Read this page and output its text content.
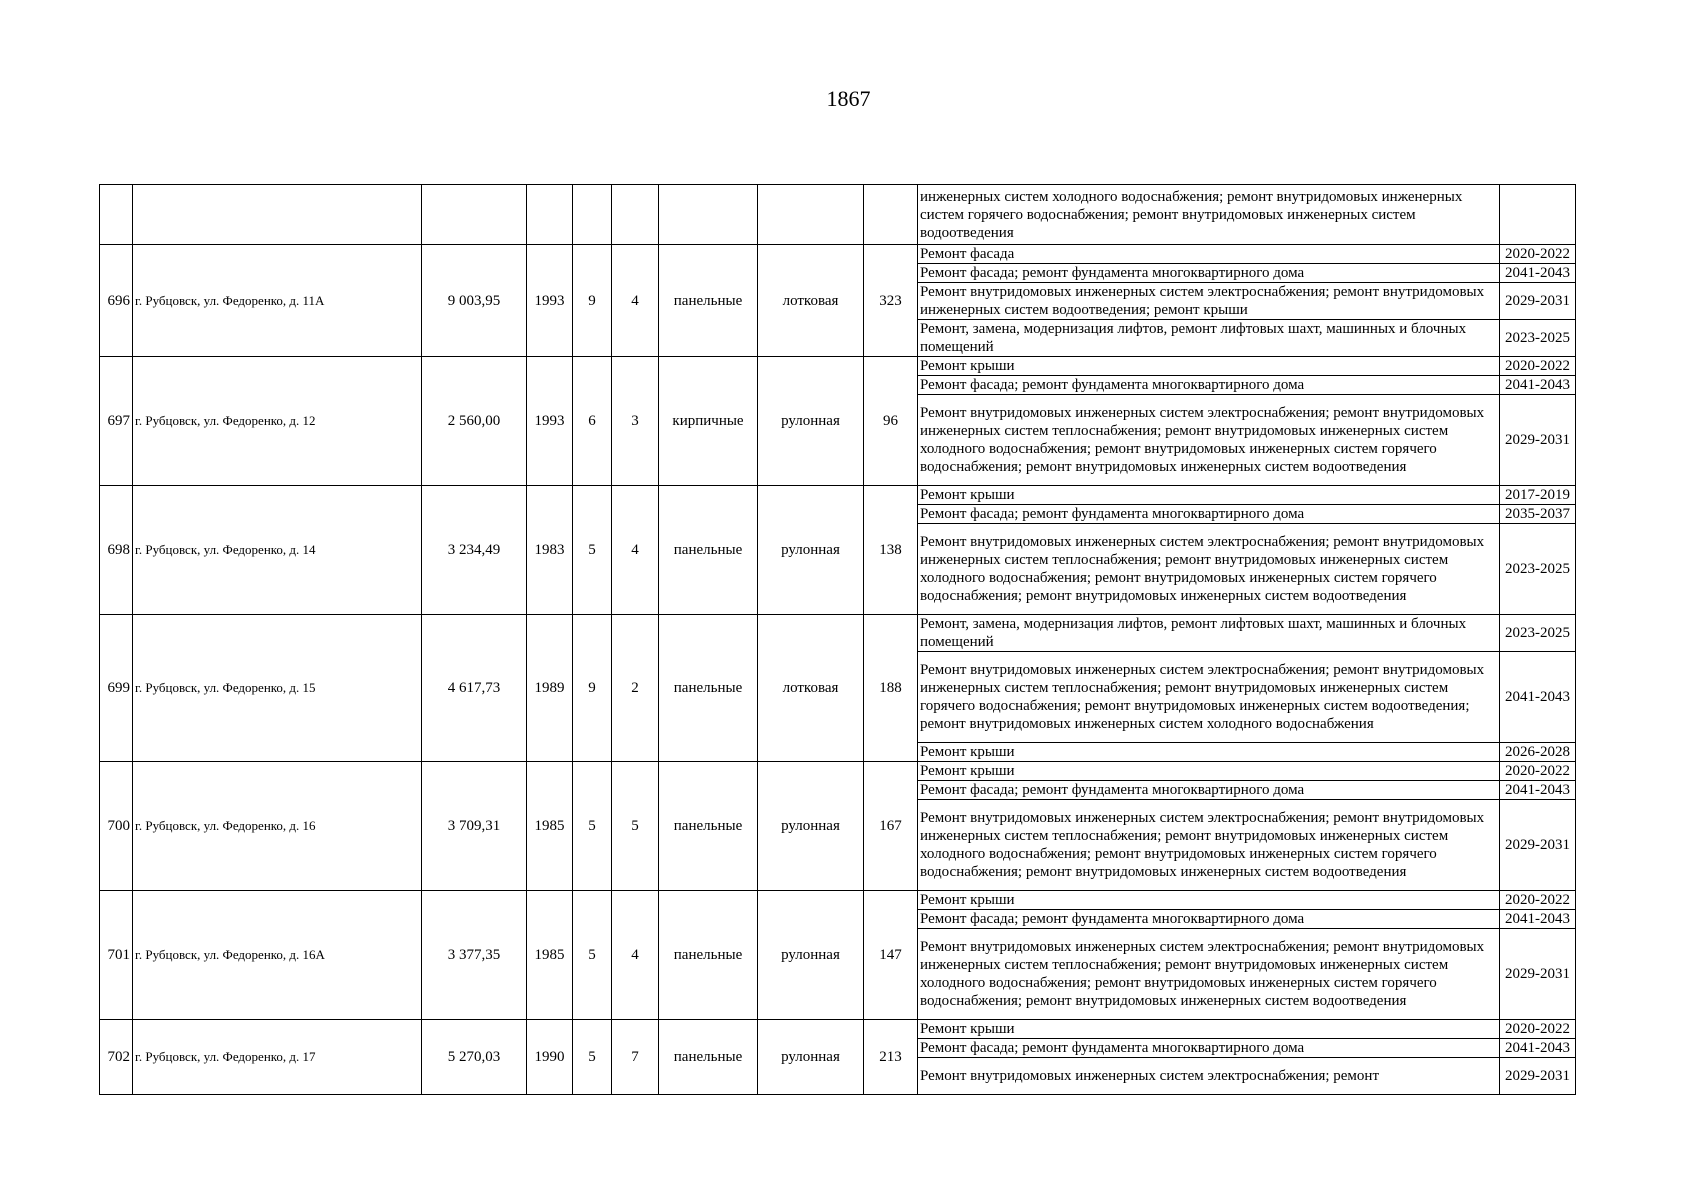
1867
									инженерных систем холодного водоснабжения; ремонт внутридомовых инженерных систем горячего водоснабжения; ремонт внутридомовых инженерных систем водоотведения	
696	г. Рубцовск, ул. Федоренко, д. 11А	9 003,95	1993	9	4	панельные	лотковая	323	Ремонт фасада	2020-2022
									Ремонт фасада; ремонт фундамента многоквартирного дома	2041-2043
									Ремонт внутридомовых инженерных систем электроснабжения; ремонт внутридомовых инженерных систем водоотведения; ремонт крыши	2029-2031
									Ремонт, замена, модернизация лифтов, ремонт лифтовых шахт, машинных и блочных помещений	2023-2025
697	г. Рубцовск, ул. Федоренко, д. 12	2 560,00	1993	6	3	кирпичные	рулонная	96	Ремонт крыши	2020-2022
									Ремонт фасада; ремонт фундамента многоквартирного дома	2041-2043
									Ремонт внутридомовых инженерных систем электроснабжения; ремонт внутридомовых инженерных систем теплоснабжения; ремонт внутридомовых инженерных систем холодного водоснабжения; ремонт внутридомовых инженерных систем горячего водоснабжения; ремонт внутридомовых инженерных систем водоотведения	2029-2031
698	г. Рубцовск, ул. Федоренко, д. 14	3 234,49	1983	5	4	панельные	рулонная	138	Ремонт крыши	2017-2019
									Ремонт фасада; ремонт фундамента многоквартирного дома	2035-2037
									Ремонт внутридомовых инженерных систем электроснабжения; ремонт внутридомовых инженерных систем теплоснабжения; ремонт внутридомовых инженерных систем холодного водоснабжения; ремонт внутридомовых инженерных систем горячего водоснабжения; ремонт внутридомовых инженерных систем водоотведения	2023-2025
699	г. Рубцовск, ул. Федоренко, д. 15	4 617,73	1989	9	2	панельные	лотковая	188	Ремонт, замена, модернизация лифтов, ремонт лифтовых шахт, машинных и блочных помещений	2023-2025
									Ремонт внутридомовых инженерных систем электроснабжения; ремонт внутридомовых инженерных систем теплоснабжения; ремонт внутридомовых инженерных систем горячего водоснабжения; ремонт внутридомовых инженерных систем водоотведения; ремонт внутридомовых инженерных систем холодного водоснабжения	2041-2043
									Ремонт крыши	2026-2028
700	г. Рубцовск, ул. Федоренко, д. 16	3 709,31	1985	5	5	панельные	рулонная	167	Ремонт крыши	2020-2022
									Ремонт фасада; ремонт фундамента многоквартирного дома	2041-2043
									Ремонт внутридомовых инженерных систем электроснабжения; ремонт внутридомовых инженерных систем теплоснабжения; ремонт внутридомовых инженерных систем холодного водоснабжения; ремонт внутридомовых инженерных систем горячего водоснабжения; ремонт внутридомовых инженерных систем водоотведения	2029-2031
701	г. Рубцовск, ул. Федоренко, д. 16А	3 377,35	1985	5	4	панельные	рулонная	147	Ремонт крыши	2020-2022
									Ремонт фасада; ремонт фундамента многоквартирного дома	2041-2043
									Ремонт внутридомовых инженерных систем электроснабжения; ремонт внутридомовых инженерных систем теплоснабжения; ремонт внутридомовых инженерных систем холодного водоснабжения; ремонт внутридомовых инженерных систем горячего водоснабжения; ремонт внутридомовых инженерных систем водоотведения	2029-2031
702	г. Рубцовск, ул. Федоренко, д. 17	5 270,03	1990	5	7	панельные	рулонная	213	Ремонт крыши	2020-2022
									Ремонт фасада; ремонт фундамента многоквартирного дома	2041-2043
									Ремонт внутридомовых инженерных систем электроснабжения; ремонт	2029-2031
